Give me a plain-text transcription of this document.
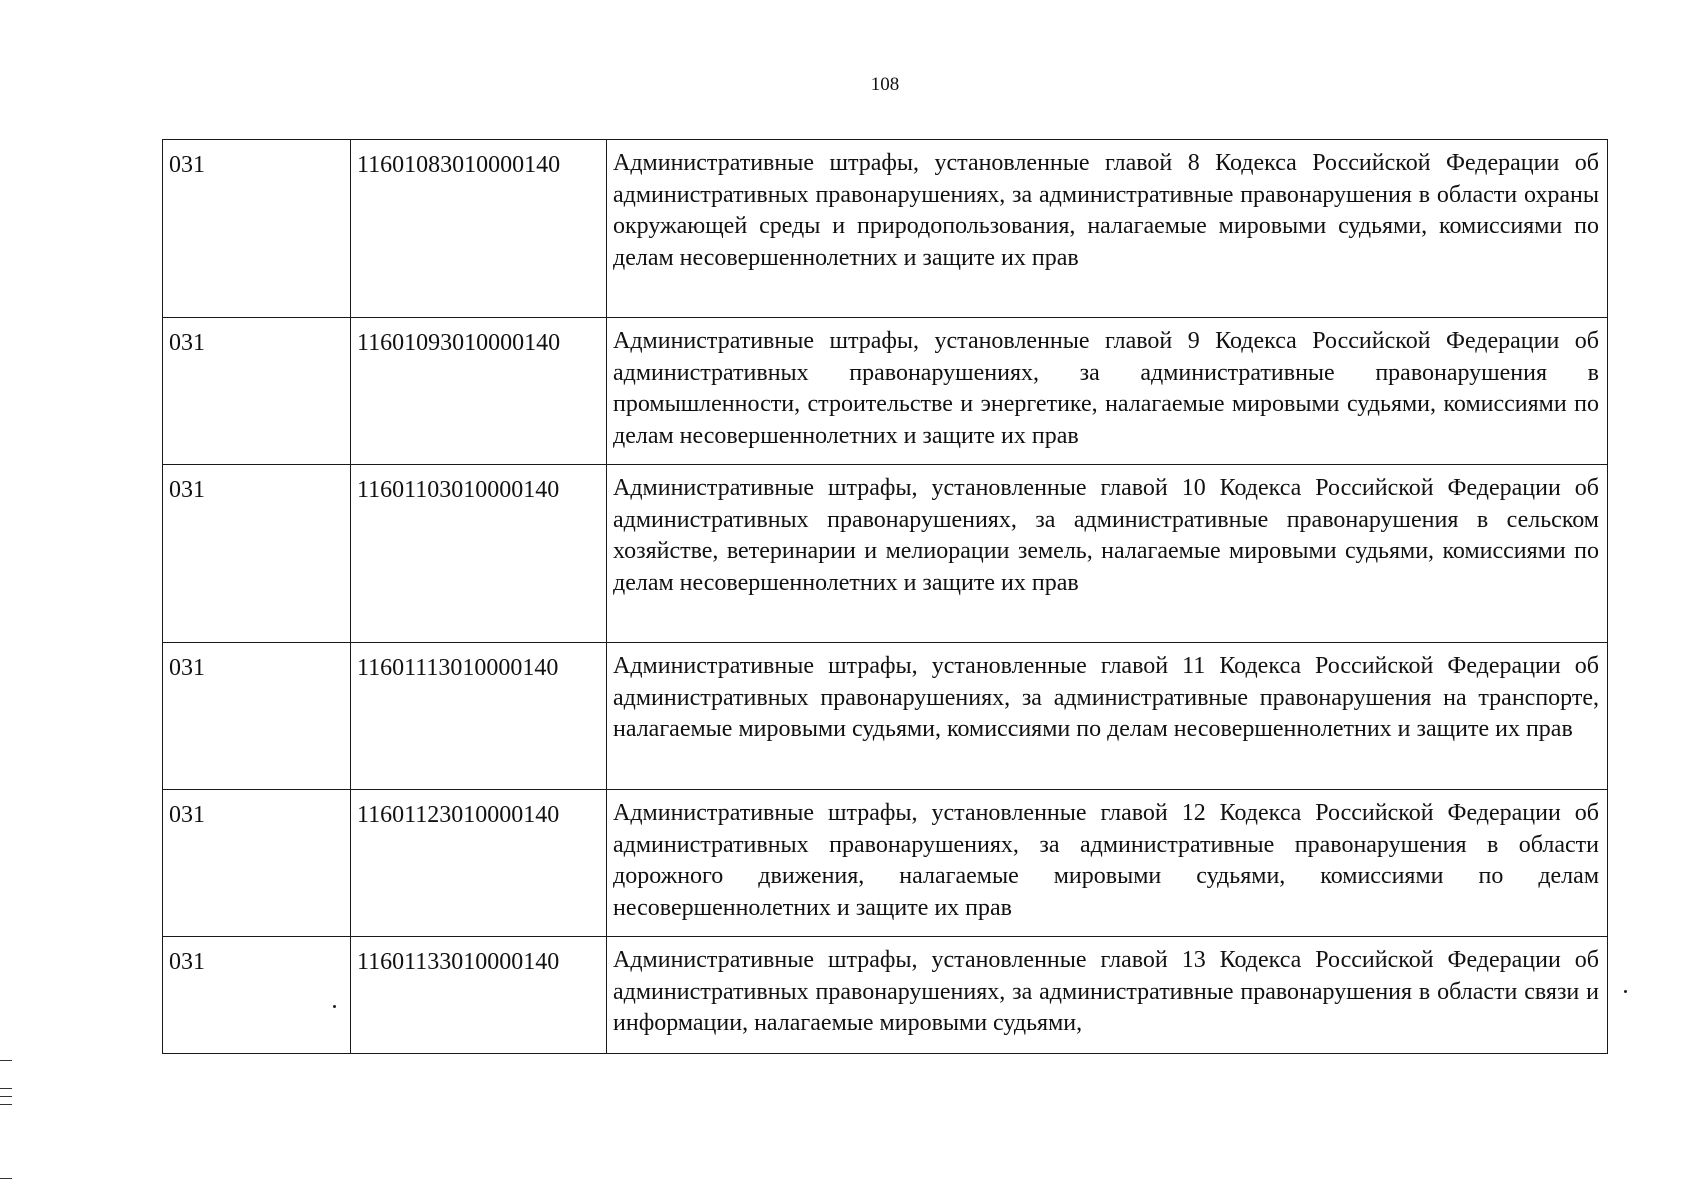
108
031	11601083010000140	Административные штрафы, установленные главой 8 Кодекса Российской Федерации об административных правонарушениях, за административные правонарушения в области охраны окружающей среды и природопользования, налагаемые мировыми судьями, комиссиями по делам несовершеннолетних и защите их прав
031	11601093010000140	Административные штрафы, установленные главой 9 Кодекса Российской Федерации об административных правонарушениях, за административные правонарушения в промышленности, строительстве и энергетике, налагаемые мировыми судьями, комиссиями по делам несовершеннолетних и защите их прав
031	11601103010000140	Административные штрафы, установленные главой 10 Кодекса Российской Федерации об административных правонарушениях, за административные правонарушения в сельском хозяйстве, ветеринарии и мелиорации земель, налагаемые мировыми судьями, комиссиями по делам несовершеннолетних и защите их прав
031	11601113010000140	Административные штрафы, установленные главой 11 Кодекса Российской Федерации об административных правонарушениях, за административные правонарушения на транспорте, налагаемые мировыми судьями, комиссиями по делам несовершеннолетних и защите их прав
031	11601123010000140	Административные штрафы, установленные главой 12 Кодекса Российской Федерации об административных правонарушениях, за административные правонарушения в области дорожного движения, налагаемые мировыми судьями, комиссиями по делам несовершеннолетних и защите их прав
031	11601133010000140	Административные штрафы, установленные главой 13 Кодекса Российской Федерации об административных правонарушениях, за административные правонарушения в области связи и информации, налагаемые мировыми судьями,
